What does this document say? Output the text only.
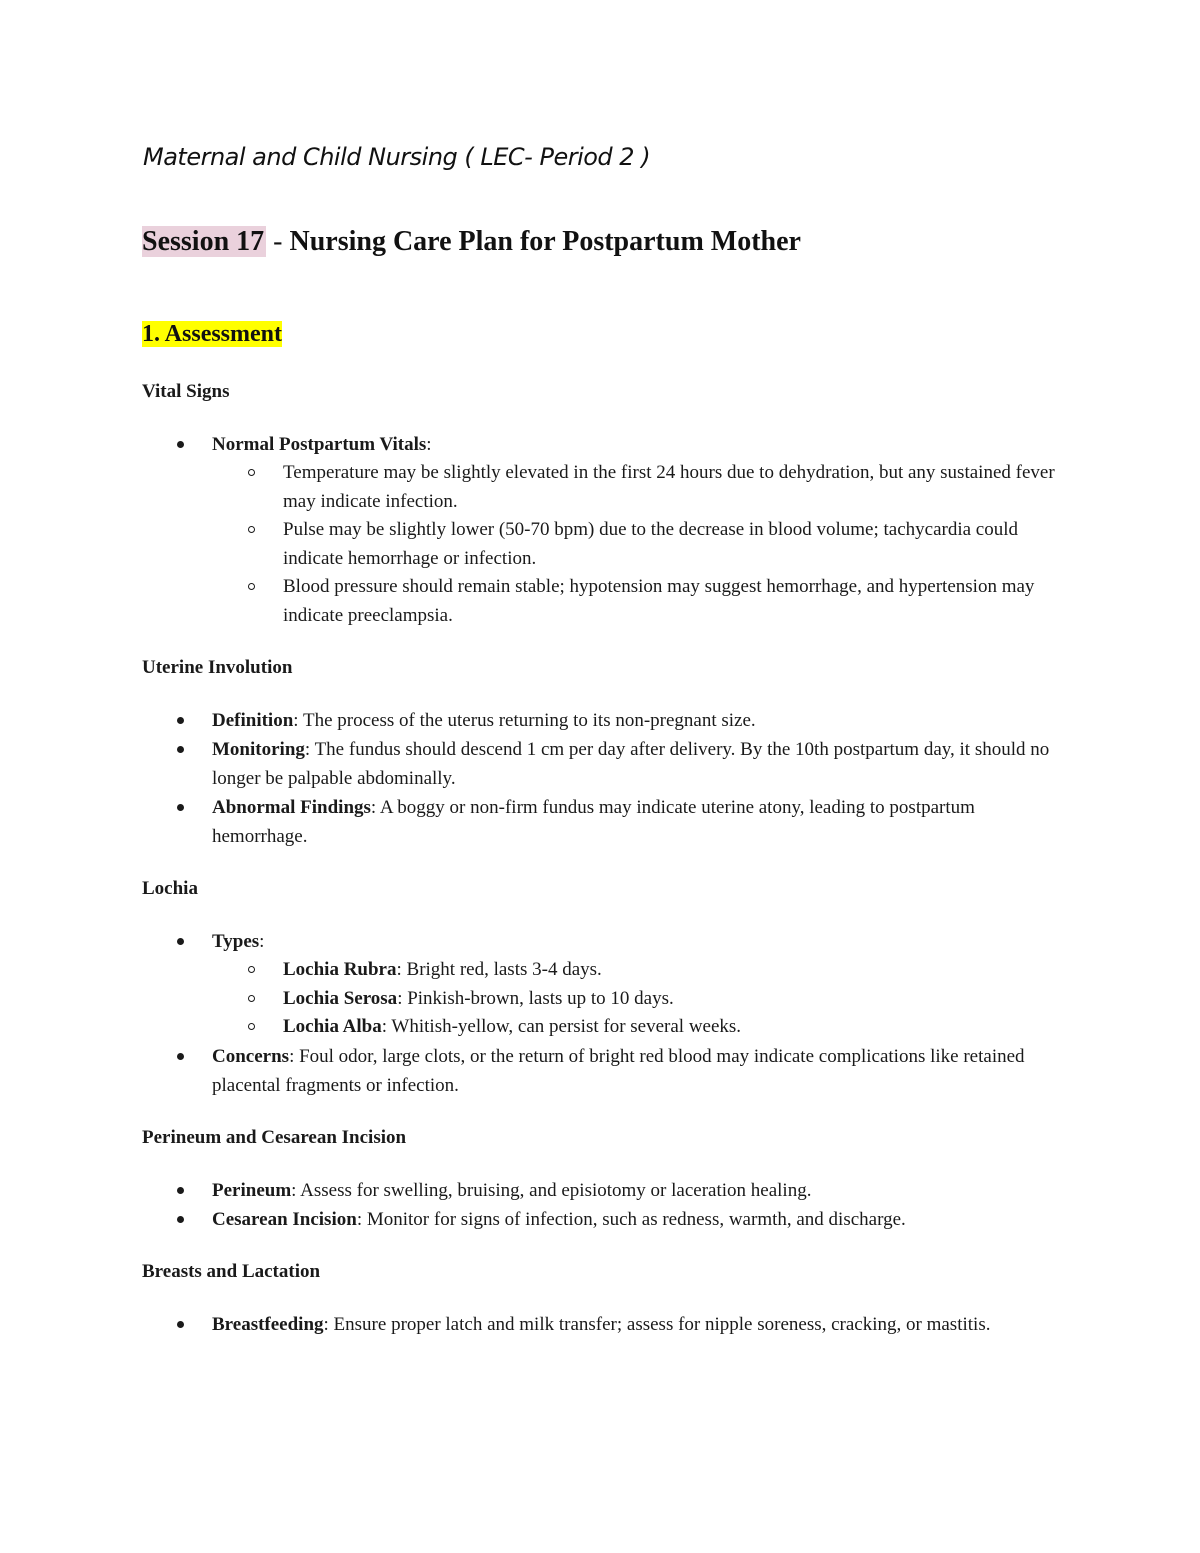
Maternal and Child Nursing ( LEC- Period 2 )
Session 17 - Nursing Care Plan for Postpartum Mother
1. Assessment
Vital Signs
Normal Postpartum Vitals:
Temperature may be slightly elevated in the first 24 hours due to dehydration, but any sustained fever may indicate infection.
Pulse may be slightly lower (50-70 bpm) due to the decrease in blood volume; tachycardia could indicate hemorrhage or infection.
Blood pressure should remain stable; hypotension may suggest hemorrhage, and hypertension may indicate preeclampsia.
Uterine Involution
Definition: The process of the uterus returning to its non-pregnant size.
Monitoring: The fundus should descend 1 cm per day after delivery. By the 10th postpartum day, it should no longer be palpable abdominally.
Abnormal Findings: A boggy or non-firm fundus may indicate uterine atony, leading to postpartum hemorrhage.
Lochia
Types:
Lochia Rubra: Bright red, lasts 3-4 days.
Lochia Serosa: Pinkish-brown, lasts up to 10 days.
Lochia Alba: Whitish-yellow, can persist for several weeks.
Concerns: Foul odor, large clots, or the return of bright red blood may indicate complications like retained placental fragments or infection.
Perineum and Cesarean Incision
Perineum: Assess for swelling, bruising, and episiotomy or laceration healing.
Cesarean Incision: Monitor for signs of infection, such as redness, warmth, and discharge.
Breasts and Lactation
Breastfeeding: Ensure proper latch and milk transfer; assess for nipple soreness, cracking, or mastitis.
